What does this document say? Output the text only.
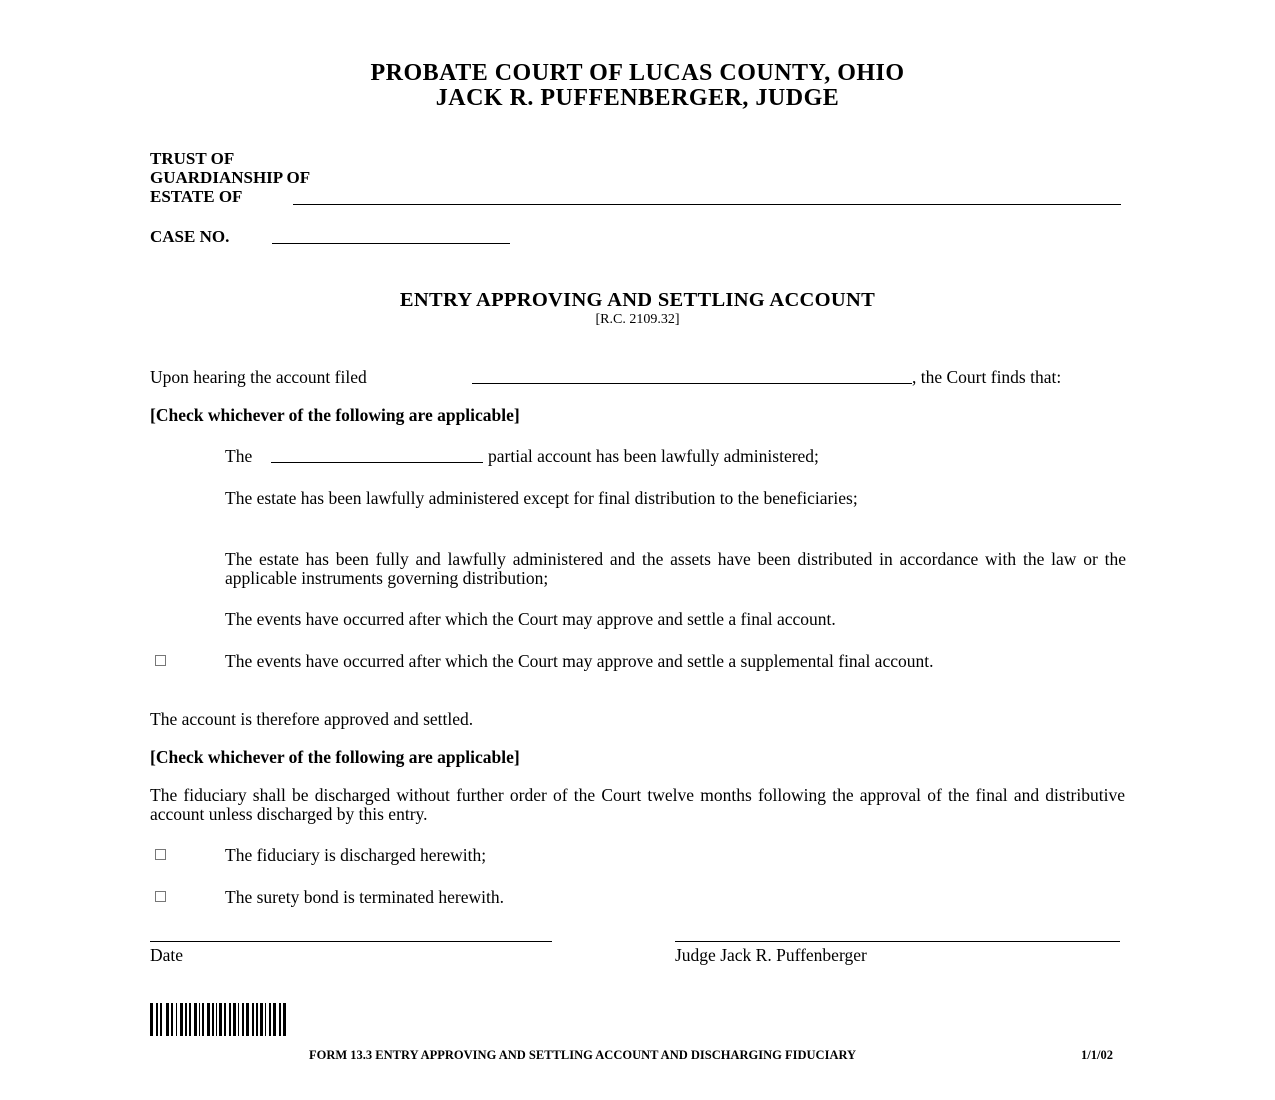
PROBATE COURT OF LUCAS COUNTY, OHIO
JACK R. PUFFENBERGER, JUDGE
TRUST OF
GUARDIANSHIP OF
ESTATE OF
CASE NO.
ENTRY APPROVING AND SETTLING ACCOUNT
[R.C. 2109.32]
Upon hearing the account filed	, the Court finds that:
[Check whichever of the following are applicable]
The	partial account has been lawfully administered;
The estate has been lawfully administered except for final distribution to the beneficiaries;
The estate has been fully and lawfully administered and the assets have been distributed in accordance with the law or the applicable instruments governing distribution;
The events have occurred after which the Court may approve and settle a final account.
The events have occurred after which the Court may approve and settle a supplemental final account.
The account is therefore approved and settled.
[Check whichever of the following are applicable]
The fiduciary shall be discharged without further order of the Court twelve months following the approval of the final and distributive account unless discharged by this entry.
The fiduciary is discharged herewith;
The surety bond is terminated herewith.
Date	Judge Jack R. Puffenberger
FORM 13.3 ENTRY APPROVING AND SETTLING ACCOUNT AND DISCHARGING FIDUCIARY	1/1/02
